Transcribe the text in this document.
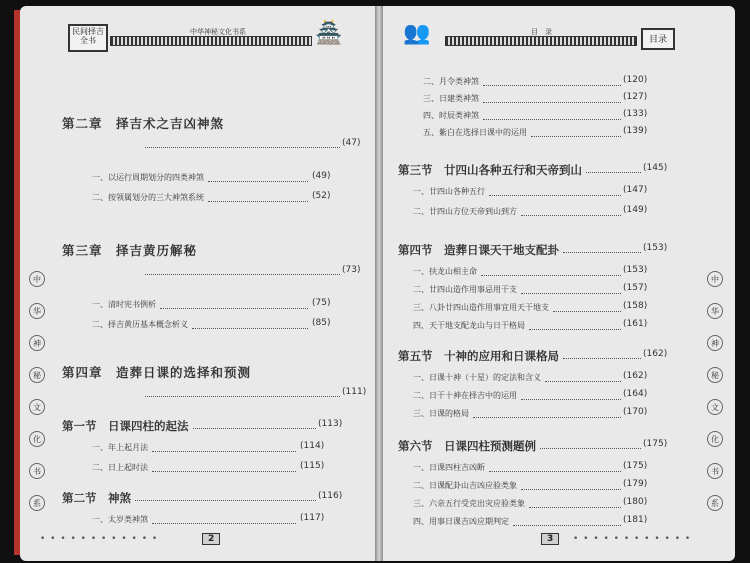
民间择吉全书
中华神秘文化书系	🏯
中
华
神
秘
文
化
书
系
第二章　择吉术之吉凶神煞
(47)
一、以运行周期划分的四类神煞	(49)
二、按领属划分的三大神煞系统	(52)
第三章　择吉黄历解秘
(73)
一、清时宪书例析	(75)
二、择吉黄历基本概念析义	(85)
第四章　造葬日课的选择和预测
(111)
第一节　日课四柱的起法	(113)
一、年上起月法	(114)
二、日上起时法	(115)
第二节　神煞	(116)
一、太岁类神煞	(117)
• • • • • • • • • • • •	2
👥	目　录
目录
中
华
神
秘
文
化
书
系
二、月令类神煞	(120)
三、日建类神煞	(127)
四、时辰类神煞	(133)
五、紫白在选择日课中的运用	(139)
第三节　廿四山各种五行和天帝到山	(145)
一、廿四山各种五行	(147)
二、廿四山方位天帝到山到方	(149)
第四节　造葬日课天干地支配卦	(153)
一、扶龙山相主命	(153)
二、廿四山造作用事忌用干支	(157)
三、八卦廿四山造作用事宜用天干地支	(158)
四、天干地支配龙山与日干格局	(161)
第五节　十神的应用和日课格局	(162)
一、日课十神（十星）的定法和含义	(162)
二、日干十神在择吉中的运用	(164)
三、日课的格局	(170)
第六节　日课四柱预测题例	(175)
一、日课四柱吉凶断	(175)
二、日课配卦山吉凶应验类象	(179)
三、六亲五行受克出灾应验类象	(180)
四、用事日课吉凶应期判定	(181)
• • • • • • • • • • • •
3
